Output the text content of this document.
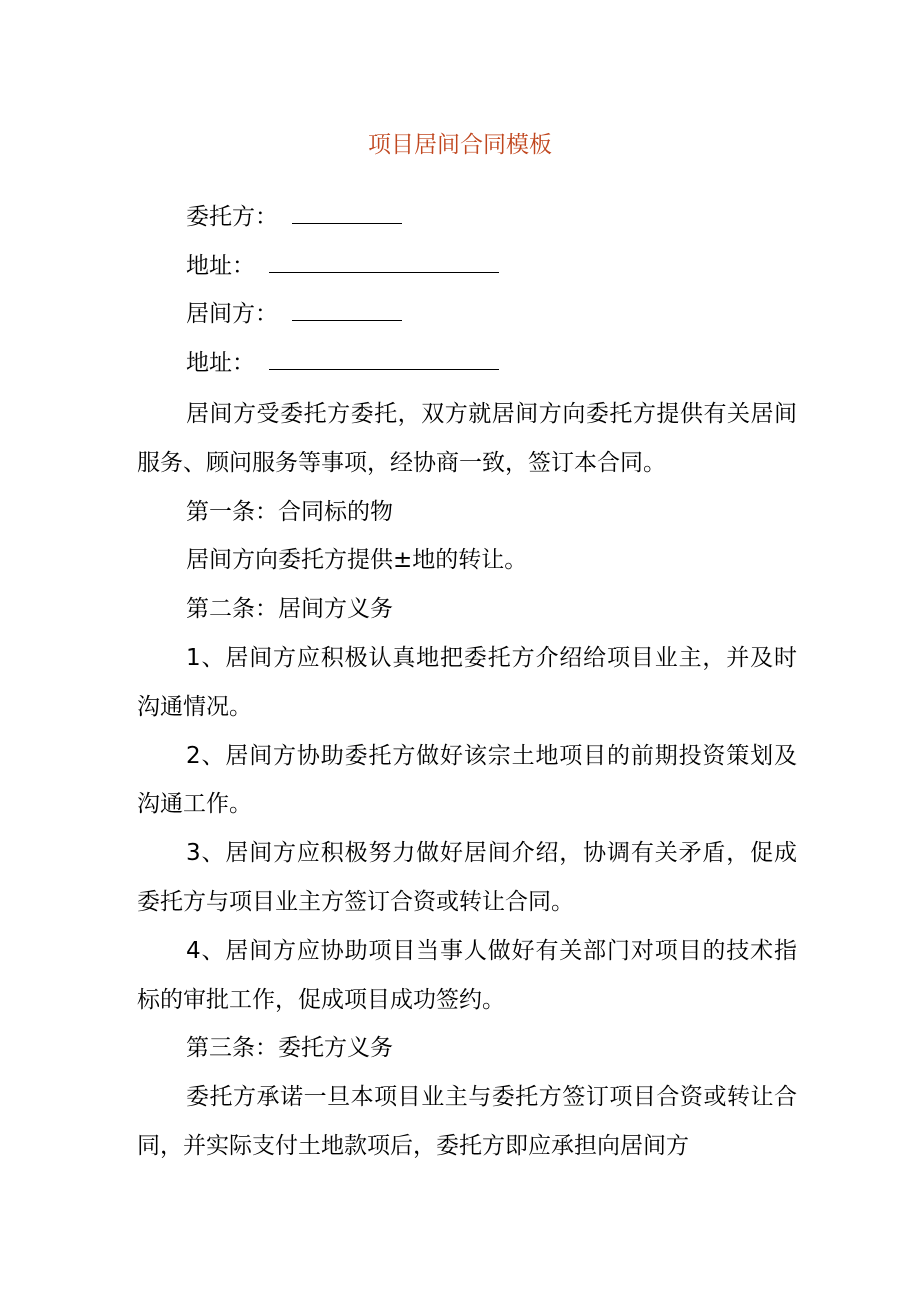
项目居间合同模板
委托方：
地址：
居间方：
地址：

居间方受委托方委托，双方就居间方向委托方提供有关居间服务、顾问服务等事项，经协商一致，签订本合同。

第一条：合同标的物

居间方向委托方提供±地的转让。

第二条：居间方义务

1、居间方应积极认真地把委托方介绍给项目业主，并及时沟通情况。

2、居间方协助委托方做好该宗土地项目的前期投资策划及沟通工作。

3、居间方应积极努力做好居间介绍，协调有关矛盾，促成委托方与项目业主方签订合资或转让合同。

4、居间方应协助项目当事人做好有关部门对项目的技术指标的审批工作，促成项目成功签约。

第三条：委托方义务

委托方承诺一旦本项目业主与委托方签订项目合资或转让合同，并实际支付土地款项后，委托方即应承担向居间方
